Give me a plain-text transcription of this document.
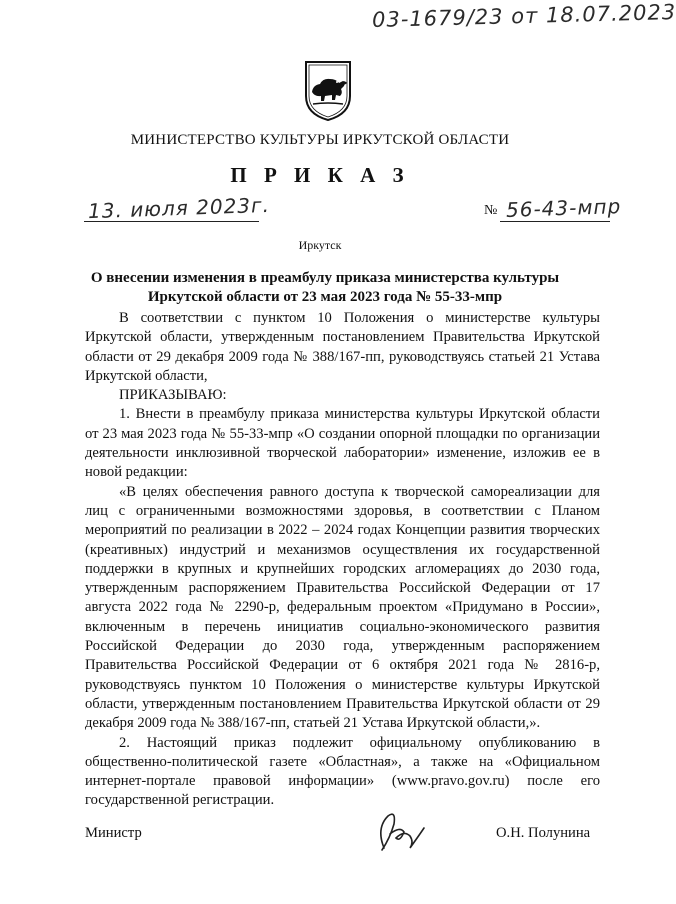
03-1679/23 от 18.07.2023
МИНИСТЕРСТВО КУЛЬТУРЫ ИРКУТСКОЙ ОБЛАСТИ
П Р И К А З
13. июля 2023г.	№ 56-43-мпр
Иркутск
О внесении изменения в преамбулу приказа министерства культуры
Иркутской области от 23 мая 2023 года № 55-33-мпр

В соответствии с пунктом 10 Положения о министерстве культуры Иркутской области, утвержденным постановлением Правительства Иркутской области от 29 декабря 2009 года № 388/167-пп, руководствуясь статьей 21 Устава Иркутской области,

ПРИКАЗЫВАЮ:

1. Внести в преамбулу приказа министерства культуры Иркутской области от 23 мая 2023 года № 55-33-мпр «О создании опорной площадки по организации деятельности инклюзивной творческой лаборатории» изменение, изложив ее в новой редакции:

«В целях обеспечения равного доступа к творческой самореализации для лиц с ограниченными возможностями здоровья, в соответствии с Планом мероприятий по реализации в 2022 – 2024 годах Концепции развития творческих (креативных) индустрий и механизмов осуществления их государственной поддержки в крупных и крупнейших городских агломерациях до 2030 года, утвержденным распоряжением Правительства Российской Федерации от 17 августа 2022 года № 2290-р, федеральным проектом «Придумано в России», включенным в перечень инициатив социально-экономического развития Российской Федерации до 2030 года, утвержденным распоряжением Правительства Российской Федерации от 6 октября 2021 года № 2816-р, руководствуясь пунктом 10 Положения о министерстве культуры Иркутской области, утвержденным постановлением Правительства Иркутской области от 29 декабря 2009 года № 388/167-пп, статьей 21 Устава Иркутской области,».

2. Настоящий приказ подлежит официальному опубликованию в общественно-политической газете «Областная», а также на «Официальном интернет-портале правовой информации» (www.pravo.gov.ru) после его государственной регистрации.

Министр	О.Н. Полунина
